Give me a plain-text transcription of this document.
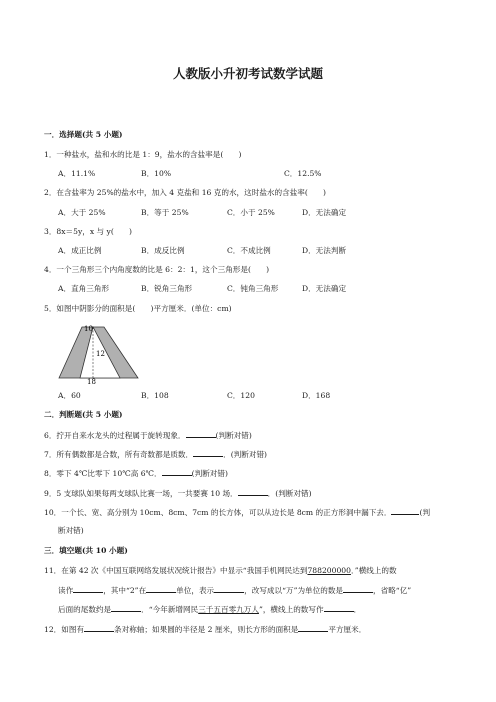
人教版小升初考试数学试题
一．选择题(共 5 小题)
1．一种盐水，盐和水的比是 1：9，盐水的含盐率是(　　)
A．11.1%	B．10%	C．12.5%
2．在含盐率为 25%的盐水中，加入 4 克盐和 16 克的水，这时盐水的含盐率(　　)
A．大于 25%	B．等于 25%	C．小于 25%	D．无法确定
3．8x＝5y，x 与 y(　　)
A．成正比例	B．成反比例	C．不成比例	D．无法判断
4．一个三角形三个内角度数的比是 6：2：1，这个三角形是(　　)
A．直角三角形	B．锐角三角形	C．钝角三角形	D．无法确定
5．如图中阴影分的面积是(　　)平方厘米．(单位：cm)
10
12
18
A．60	B．108	C．120	D．168
二．判断题(共 5 小题)
6．拧开自来水龙头的过程属于旋转现象．	(判断对错)
7．所有偶数都是合数，所有奇数都是质数．	．(判断对错)
8．零下 4℃比零下 10℃高 6℃．	(判断对错)
9．5 支球队如果每两支球队比赛一场，一共要赛 10 场．	．(判断对错)
10．一个长、宽、高分别为 10cm、8cm、7cm 的长方体，可以从边长是 8cm 的正方形洞中漏下去．	(判
断对错)
三．填空题(共 10 小题)
11．在第 42 次《中国互联网络发展状况统计报告》中显示“我国手机网民达到788200000．”横线上的数
读作	，其中“2”在	单位，表示	，改写成以“万”为单位的数是	，省略“亿”
后面的尾数约是	．“今年新增网民三千五百零九万人”，横线上的数写作	．
12．如图有	条对称轴；如果圆的半径是 2 厘米，则长方形的面积是	平方厘米．
